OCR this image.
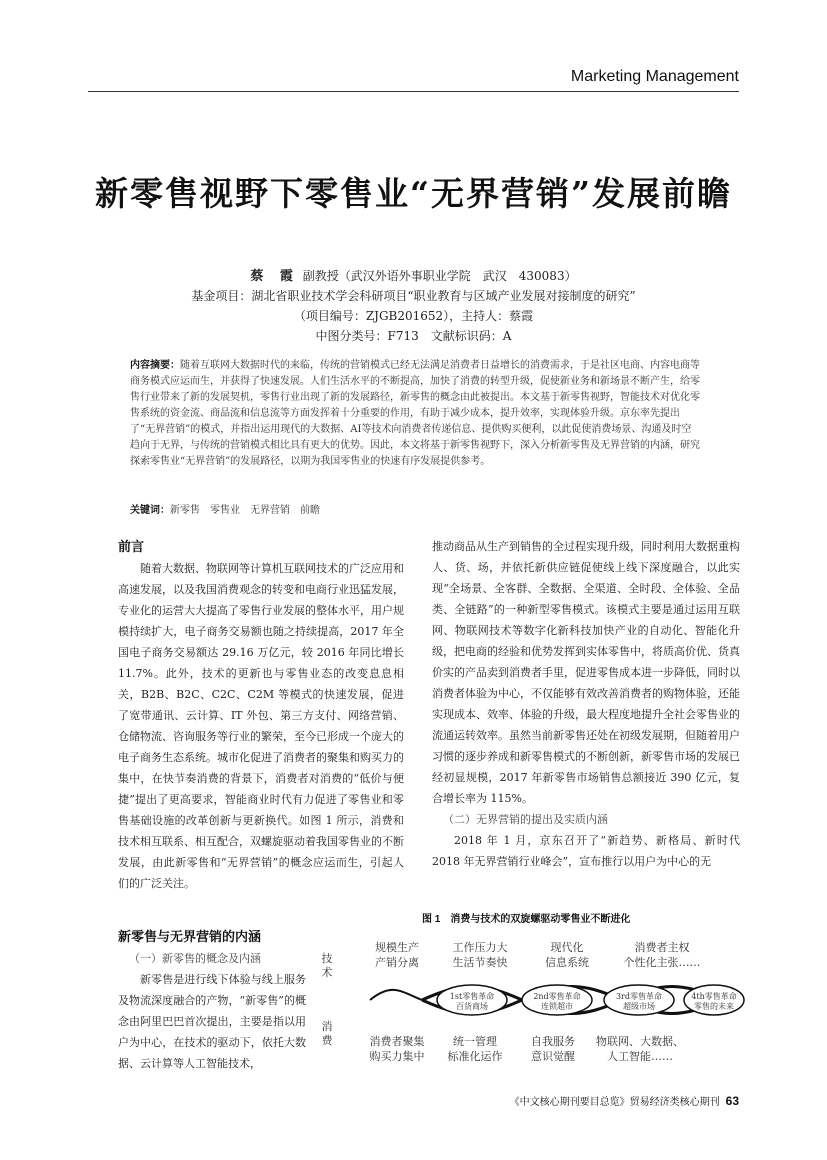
Marketing Management
新零售视野下零售业“无界营销”发展前瞻
蔡 霞 副教授（武汉外语外事职业学院　武汉　430083）
基金项目：湖北省职业技术学会科研项目“职业教育与区域产业发展对接制度的研究”
（项目编号：ZJGB201652），主持人：蔡霞
中图分类号：F713　文献标识码：A
内容摘要：随着互联网大数据时代的来临，传统的营销模式已经无法满足消费者日益增长的消费需求，于是社区电商、内容电商等商务模式应运而生，并获得了快速发展。人们生活水平的不断提高，加快了消费的转型升级，促使新业务和新场景不断产生，给零售行业带来了新的发展契机，零售行业出现了新的发展路径，新零售的概念由此被提出。本文基于新零售视野，智能技术对优化零售系统的资金流、商品流和信息流等方面发挥着十分重要的作用，有助于减少成本，提升效率，实现体验升级。京东率先提出了“无界营销”的模式，并指出运用现代的大数据、AI等技术向消费者传递信息、提供购买便利，以此促使消费场景、沟通及时空趋向于无界，与传统的营销模式相比具有更大的优势。因此，本文将基于新零售视野下，深入分析新零售及无界营销的内涵，研究探索零售业“无界营销”的发展路径，以期为我国零售业的快速有序发展提供参考。
关键词：新零售　零售业　无界营销　前瞻
前言

随着大数据、物联网等计算机互联网技术的广泛应用和高速发展，以及我国消费观念的转变和电商行业迅猛发展，专业化的运营大大提高了零售行业发展的整体水平，用户规模持续扩大，电子商务交易额也随之持续提高，2017 年全国电子商务交易额达 29.16 万亿元，较 2016 年同比增长 11.7%。此外，技术的更新也与零售业态的改变息息相关，B2B、B2C、C2C、C2M 等模式的快速发展，促进了宽带通讯、云计算、IT 外包、第三方支付、网络营销、仓储物流、咨询服务等行业的繁荣，至今已形成一个庞大的电子商务生态系统。城市化促进了消费者的聚集和购买力的集中，在快节奏消费的背景下，消费者对消费的“低价与便捷”提出了更高要求，智能商业时代有力促进了零售业和零售基础设施的改革创新与更新换代。如图 1 所示，消费和技术相互联系、相互配合，双螺旋驱动着我国零售业的不断发展，由此新零售和“无界营销”的概念应运而生，引起人们的广泛关注。

新零售与无界营销的内涵
（一）新零售的概念及内涵

新零售是进行线下体验与线上服务及物流深度融合的产物，“新零售”的概念由阿里巴巴首次提出，主要是指以用户为中心，在技术的驱动下，依托大数据、云计算等人工智能技术，

推动商品从生产到销售的全过程实现升级，同时利用大数据重构人、货、场，并依托新供应链促使线上线下深度融合，以此实现“全场景、全客群、全数据、全渠道、全时段、全体验、全品类、全链路”的一种新型零售模式。该模式主要是通过运用互联网、物联网技术等数字化新科技加快产业的自动化、智能化升级，把电商的经验和优势发挥到实体零售中，将质高价优、货真价实的产品卖到消费者手里，促进零售成本进一步降低，同时以消费者体验为中心，不仅能够有效改善消费者的购物体验，还能实现成本、效率、体验的升级，最大程度地提升全社会零售业的流通运转效率。虽然当前新零售还处在初级发展期，但随着用户习惯的逐步养成和新零售模式的不断创新，新零售市场的发展已经初显规模，2017 年新零售市场销售总额接近 390 亿元，复合增长率为 115%。

（二）无界营销的提出及实质内涵

2018 年 1 月，京东召开了“新趋势、新格局、新时代 2018 年无界营销行业峰会”，宣布推行以用户为中心的无

图 1　消费与技术的双旋螺驱动零售业不断进化
技术
消费
规模生产
产销分离
工作压力大
生活节奏快
现代化
信息系统
消费者主权
个性化主张……
1st零售革命
百货商场
2nd零售革命
连锁超市
3rd零售革命
超级市场
4th零售革命
零售的未来
消费者聚集
购买力集中
统一管理
标准化运作
自我服务
意识觉醒
物联网、大数据、
人工智能……
《中文核心期刊要目总览》贸易经济类核心期刊 63
